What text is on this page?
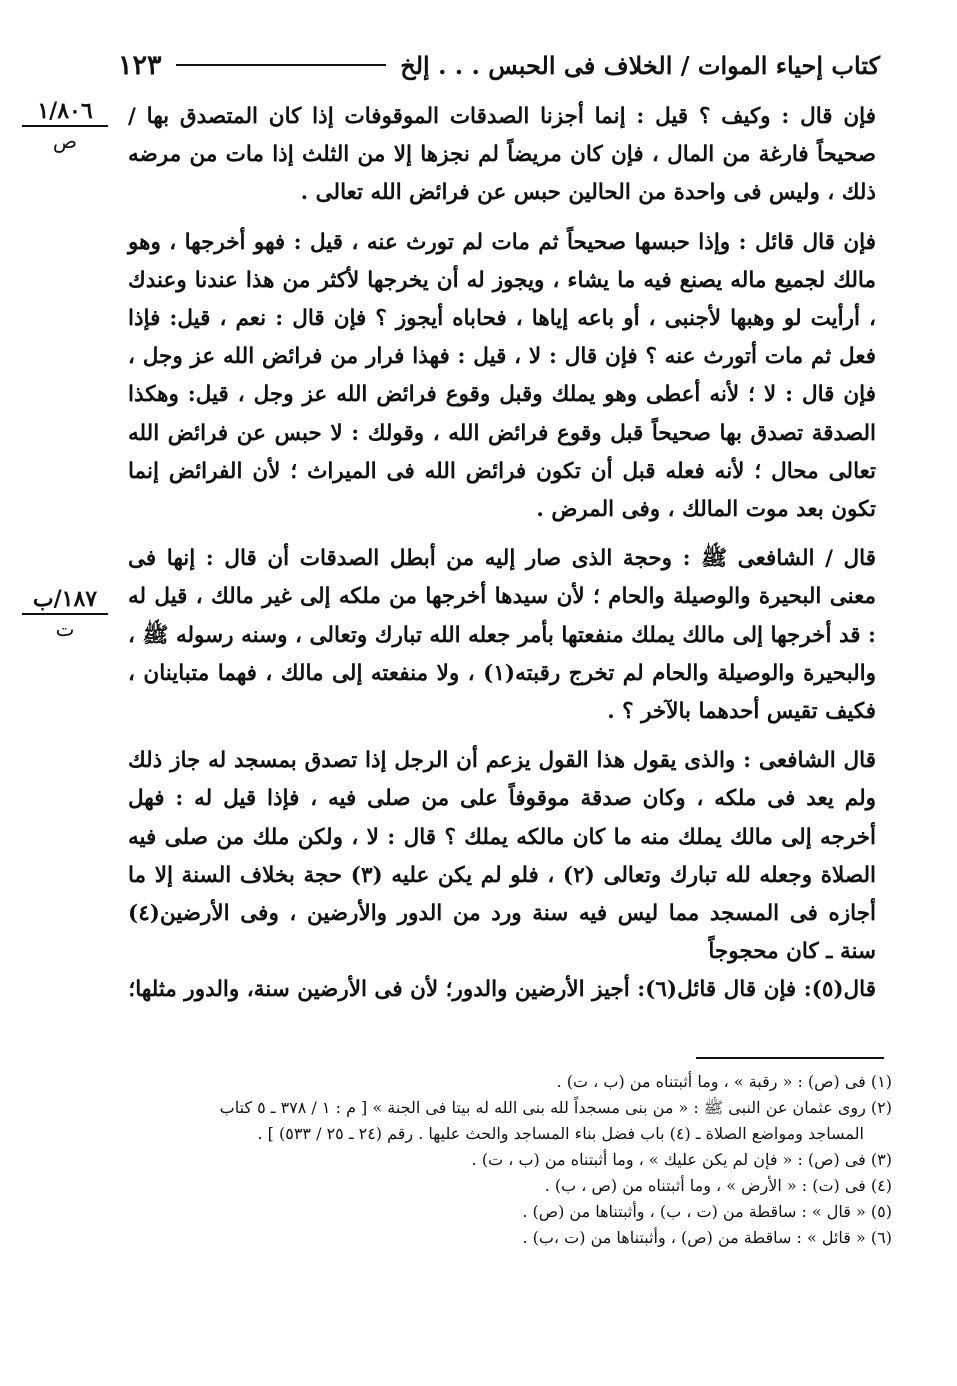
كتاب إحياء الموات / الخلاف فى الحبس . . . إلخ
١٢٣
١/٨٠٦
ص
١٨٧/ب
ت

فإن قال : وكيف ؟ قيل : إنما أجزنا الصدقات الموقوفات إذا كان المتصدق بها / صحيحاً فارغة من المال ، فإن كان مريضاً لم نجزها إلا من الثلث إذا مات من مرضه ذلك ، وليس فى واحدة من الحالين حبس عن فرائض الله تعالى .

فإن قال قائل : وإذا حبسها صحيحاً ثم مات لم تورث عنه ، قيل : فهو أخرجها ، وهو مالك لجميع ماله يصنع فيه ما يشاء ، ويجوز له أن يخرجها لأكثر من هذا عندنا وعندك ، أرأيت لو وهبها لأجنبى ، أو باعه إياها ، فحاباه أيجوز ؟ فإن قال : نعم ، قيل: فإذا فعل ثم مات أتورث عنه ؟ فإن قال : لا ، قيل : فهذا فرار من فرائض الله عز وجل ، فإن قال : لا ؛ لأنه أعطى وهو يملك وقبل وقوع فرائض الله عز وجل ، قيل: وهكذا الصدقة تصدق بها صحيحاً قبل وقوع فرائض الله ، وقولك : لا حبس عن فرائض الله تعالى محال ؛ لأنه فعله قبل أن تكون فرائض الله فى الميراث ؛ لأن الفرائض إنما تكون بعد موت المالك ، وفى المرض .

قال / الشافعى ﷺ : وحجة الذى صار إليه من أبطل الصدقات أن قال : إنها فى معنى البحيرة والوصيلة والحام ؛ لأن سيدها أخرجها من ملكه إلى غير مالك ، قيل له : قد أخرجها إلى مالك يملك منفعتها بأمر جعله الله تبارك وتعالى ، وسنه رسوله ﷺ ، والبحيرة والوصيلة والحام لم تخرج رقبته(١) ، ولا منفعته إلى مالك ، فهما متباينان ، فكيف تقيس أحدهما بالآخر ؟ .

قال الشافعى : والذى يقول هذا القول يزعم أن الرجل إذا تصدق بمسجد له جاز ذلك ولم يعد فى ملكه ، وكان صدقة موقوفاً على من صلى فيه ، فإذا قيل له : فهل أخرجه إلى مالك يملك منه ما كان مالكه يملك ؟ قال : لا ، ولكن ملك من صلى فيه الصلاة وجعله لله تبارك وتعالى (٢) ، فلو لم يكن عليه (٣) حجة بخلاف السنة إلا ما أجازه فى المسجد مما ليس فيه سنة ورد من الدور والأرضين ، وفى الأرضين(٤) سنة ـ كان محجوجاً

قال(٥): فإن قال قائل(٦): أجيز الأرضين والدور؛ لأن فى الأرضين سنة، والدور مثلها؛

(١) فى (ص) : « رقبة » ، وما أثبتناه من (ب ، ت) .

(٢) روى عثمان عن النبى ﷺ : « من بنى مسجداً لله بنى الله له بيتا فى الجنة » [ م : ١ / ٣٧٨ ـ ٥ كتاب

المساجد ومواضع الصلاة ـ (٤) باب فضل بناء المساجد والحث عليها . رقم (٢٤ ـ ٢٥ / ٥٣٣) ] .

(٣) فى (ص) : « فإن لم يكن عليك » ، وما أثبتناه من (ب ، ت) .

(٤) فى (ت) : « الأرض » ، وما أثبتناه من (ص ، ب) .

(٥) « قال » : ساقطة من (ت ، ب) ، وأثبتناها من (ص) .

(٦) « قائل » : ساقطة من (ص) ، وأثبتناها من (ت ،ب) .
